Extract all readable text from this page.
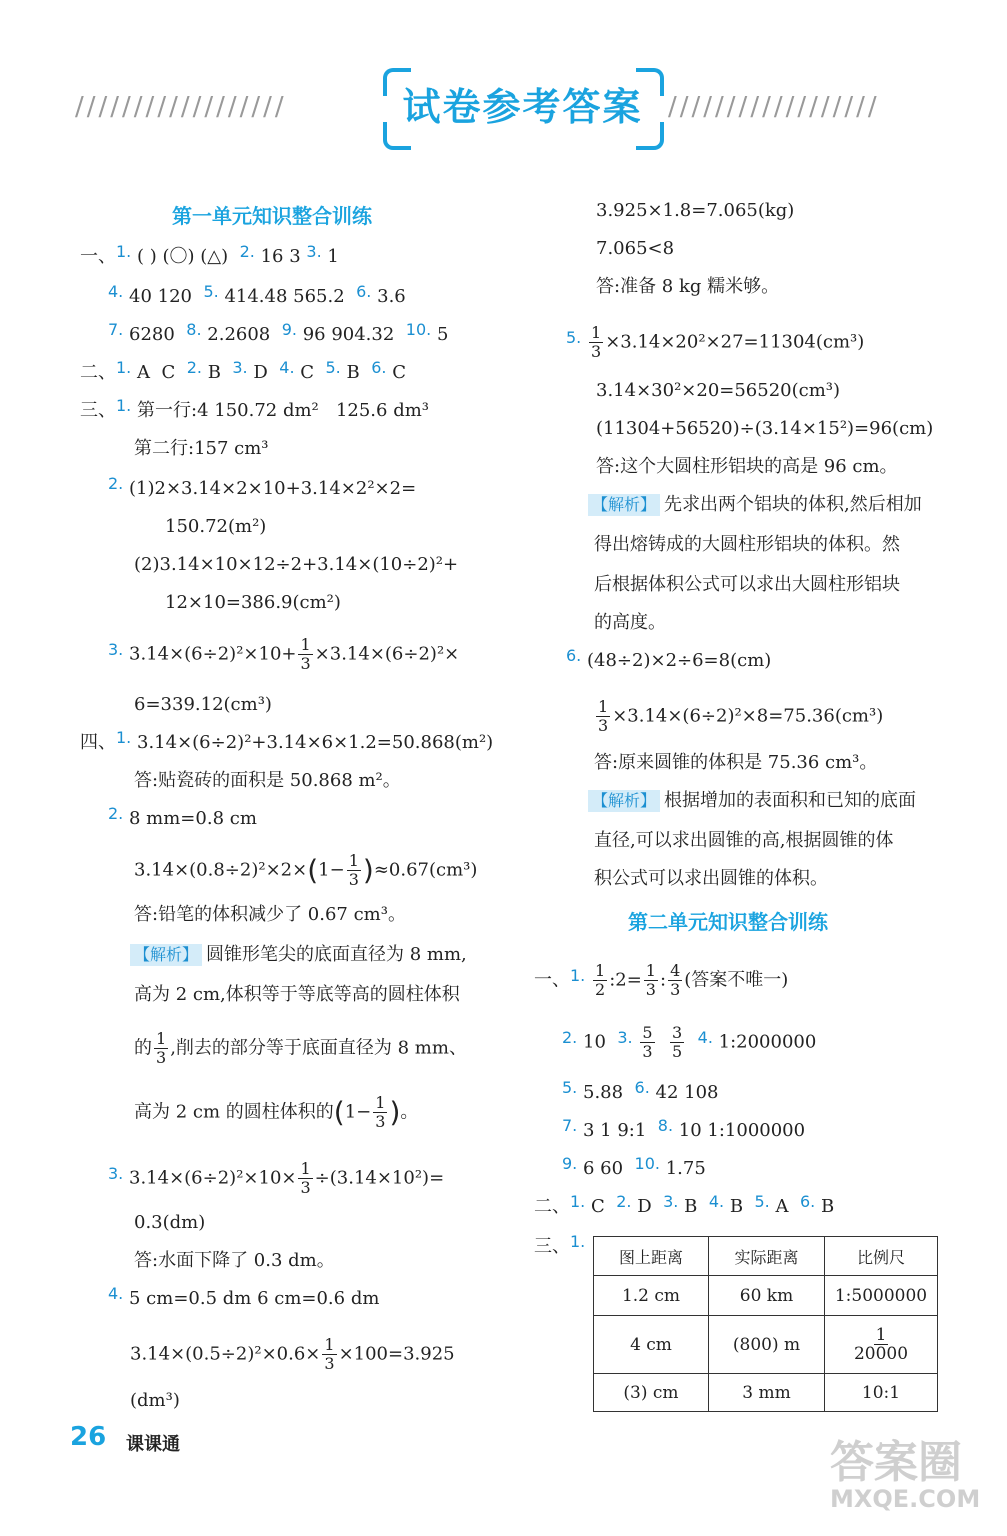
//////////////////	//////////////////
试卷参考答案
第一单元知识整合训练
一、1. ( ) (〇) (△) 2. 16 3 3. 1
4. 40 120 5. 414.48 565.2 6. 3.6
7. 6280 8. 2.2608 9. 96 904.32 10. 5
二、1. A C 2. B 3. D 4. C 5. B 6. C
三、1. 第一行:4 150.72 dm²   125.6 dm³
第二行:157 cm³
2. (1)2×3.14×2×10+3.14×2²×2=
150.72(m²)
(2)3.14×10×12÷2+3.14×(10÷2)²+
12×10=386.9(cm²)
3. $3.14\times(6\div 2)^2\times 10+ \frac{1}{3} \times 3.14\times(6\div 2)^2\times$
6=339.12(cm³)
四、1. 3.14×(6÷2)²+3.14×6×1.2=50.868(m²)
答:贴瓷砖的面积是 50.868 m²。
2. 8 mm=0.8 cm
$3.14\times(0.8\div 2)^2\times 2\times(1- \frac{1}{3} )\approx 0.67(cm^3)$
答:铅笔的体积减少了 0.67 cm³。
【解析】 圆锥形笔尖的底面直径为 8 mm,
高为 2 cm,体积等于等底等高的圆柱体积
的 $\frac{1}{3}$ ,削去的部分等于底面直径为 8 mm、
高为 2 cm 的圆柱体积的($1- \frac{1}{3}$ )。
3. $3.14\times(6\div 2)^2\times 10\times \frac{1}{3} \div(3.14\times 10^2)=$
0.3(dm)
答:水面下降了 0.3 dm。
4. 5 cm=0.5 dm 6 cm=0.6 dm
$3.14\times(0.5\div 2)^2\times 0.6\times \frac{1}{3} \times 100=3.925$
(dm³)
3.925×1.8=7.065(kg)
7.065<8
答:准备 8 kg 糯米够。
5. $\frac{1}{3} \times 3.14\times 20^2\times 27=11304(cm^3)$
3.14×30²×20=56520(cm³)
(11304+56520)÷(3.14×15²)=96(cm)
答:这个大圆柱形铝块的高是 96 cm。
【解析】 先求出两个铝块的体积,然后相加
得出熔铸成的大圆柱形铝块的体积。然
后根据体积公式可以求出大圆柱形铝块
的高度。
6. (48÷2)×2÷6=8(cm)
$\frac{1}{3} \times 3.14\times(6\div 2)^2\times 8=75.36(cm^3)$
答:原来圆锥的体积是 75.36 cm³。
【解析】 根据增加的表面积和已知的底面
直径,可以求出圆锥的高,根据圆锥的体
积公式可以求出圆锥的体积。
第二单元知识整合训练
一、1. $\frac{1}{2}$ :2= $\frac{1}{3}$ : $\frac{4}{3}$ (答案不唯一)
2. 10 3. $\frac{5}{3}$
$\frac{3}{5} 4$. 1:2000000
5. 5.88 6. 42 108
7. 3 1 9:1 8. 10 1:1000000
9. 6 60 10. 1.75
二、1. C 2. D 3. B 4. B 5. A 6. B
三、1.
图上距离	实际距离	比例尺
1.2 cm	60 km	1:5000000
4 cm	(800) m	$\frac{1}{20000}$

(3) cm	3 mm	10:1
26 课课通	答案圈
MXQE.COM
